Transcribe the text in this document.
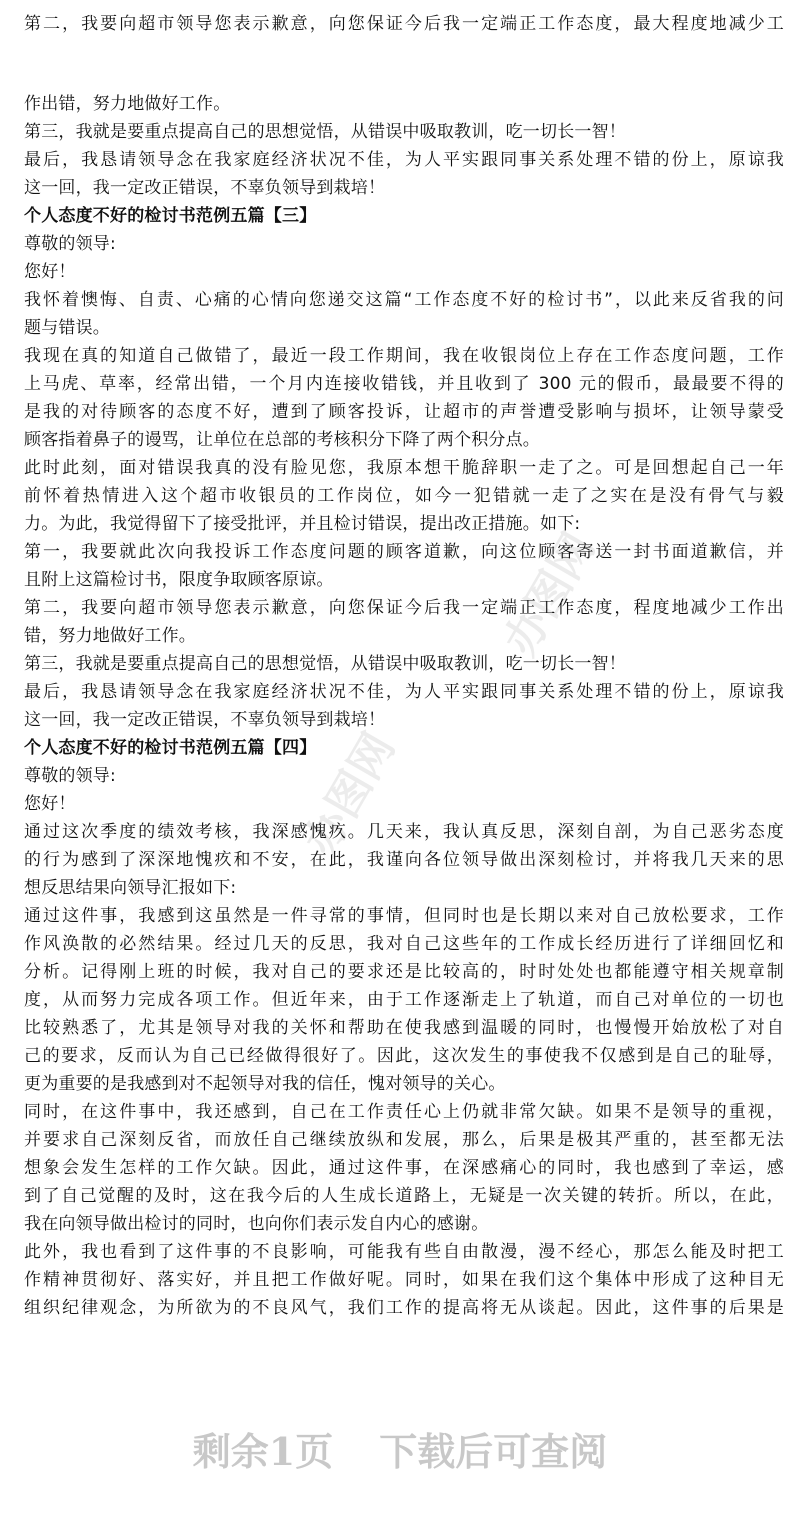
第二，我要向超市领导您表示歉意，向您保证今后我一定端正工作态度，最大程度地减少工
作出错，努力地做好工作。
第三，我就是要重点提高自己的思想觉悟，从错误中吸取教训，吃一切长一智！
最后，我恳请领导念在我家庭经济状况不佳，为人平实跟同事关系处理不错的份上，原谅我
这一回，我一定改正错误，不辜负领导到栽培！
个人态度不好的检讨书范例五篇【三】
尊敬的领导:
您好！
我怀着懊悔、自责、心痛的心情向您递交这篇“工作态度不好的检讨书”，以此来反省我的问
题与错误。
我现在真的知道自己做错了，最近一段工作期间，我在收银岗位上存在工作态度问题，工作
上马虎、草率，经常出错，一个月内连接收错钱，并且收到了 300 元的假币，最最要不得的
是我的对待顾客的态度不好，遭到了顾客投诉，让超市的声誉遭受影响与损坏，让领导蒙受
顾客指着鼻子的谩骂，让单位在总部的考核积分下降了两个积分点。
此时此刻，面对错误我真的没有脸见您，我原本想干脆辞职一走了之。可是回想起自己一年
前怀着热情进入这个超市收银员的工作岗位，如今一犯错就一走了之实在是没有骨气与毅
力。为此，我觉得留下了接受批评，并且检讨错误，提出改正措施。如下:
第一，我要就此次向我投诉工作态度问题的顾客道歉，向这位顾客寄送一封书面道歉信，并
且附上这篇检讨书，限度争取顾客原谅。
第二，我要向超市领导您表示歉意，向您保证今后我一定端正工作态度，程度地减少工作出
错，努力地做好工作。
第三，我就是要重点提高自己的思想觉悟，从错误中吸取教训，吃一切长一智！
最后，我恳请领导念在我家庭经济状况不佳，为人平实跟同事关系处理不错的份上，原谅我
这一回，我一定改正错误，不辜负领导到栽培！
个人态度不好的检讨书范例五篇【四】
尊敬的领导:
您好！
通过这次季度的绩效考核，我深感愧疚。几天来，我认真反思，深刻自剖，为自己恶劣态度
的行为感到了深深地愧疚和不安，在此，我谨向各位领导做出深刻检讨，并将我几天来的思
想反思结果向领导汇报如下:
通过这件事，我感到这虽然是一件寻常的事情，但同时也是长期以来对自己放松要求，工作
作风涣散的必然结果。经过几天的反思，我对自己这些年的工作成长经历进行了详细回忆和
分析。记得刚上班的时候，我对自己的要求还是比较高的，时时处处也都能遵守相关规章制
度，从而努力完成各项工作。但近年来，由于工作逐渐走上了轨道，而自己对单位的一切也
比较熟悉了，尤其是领导对我的关怀和帮助在使我感到温暖的同时，也慢慢开始放松了对自
己的要求，反而认为自己已经做得很好了。因此，这次发生的事使我不仅感到是自己的耻辱，
更为重要的是我感到对不起领导对我的信任，愧对领导的关心。
同时，在这件事中，我还感到，自己在工作责任心上仍就非常欠缺。如果不是领导的重视，
并要求自己深刻反省，而放任自己继续放纵和发展，那么，后果是极其严重的，甚至都无法
想象会发生怎样的工作欠缺。因此，通过这件事，在深感痛心的同时，我也感到了幸运，感
到了自己觉醒的及时，这在我今后的人生成长道路上，无疑是一次关键的转折。所以，在此，
我在向领导做出检讨的同时，也向你们表示发自内心的感谢。
此外，我也看到了这件事的不良影响，可能我有些自由散漫，漫不经心，那怎么能及时把工
作精神贯彻好、落实好，并且把工作做好呢。同时，如果在我们这个集体中形成了这种目无
组织纪律观念，为所欲为的不良风气，我们工作的提高将无从谈起。因此，这件事的后果是
办图网
办图网
剩余1页 下载后可查阅
